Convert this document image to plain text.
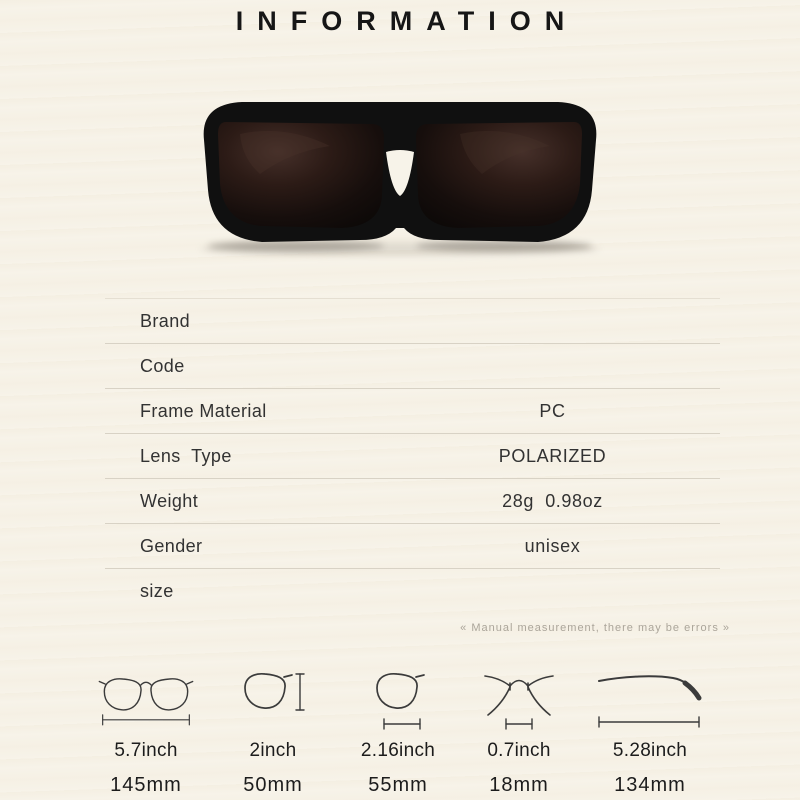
INFORMATION
Brand
Code
Frame Material	PC
Lens  Type	POLARIZED
Weight	28g  0.98oz
Gender	unisex
size
« Manual measurement, there may be errors »
5.7inch
145mm
2inch
50mm
2.16inch
55mm
0.7inch
18mm
5.28inch
134mm
